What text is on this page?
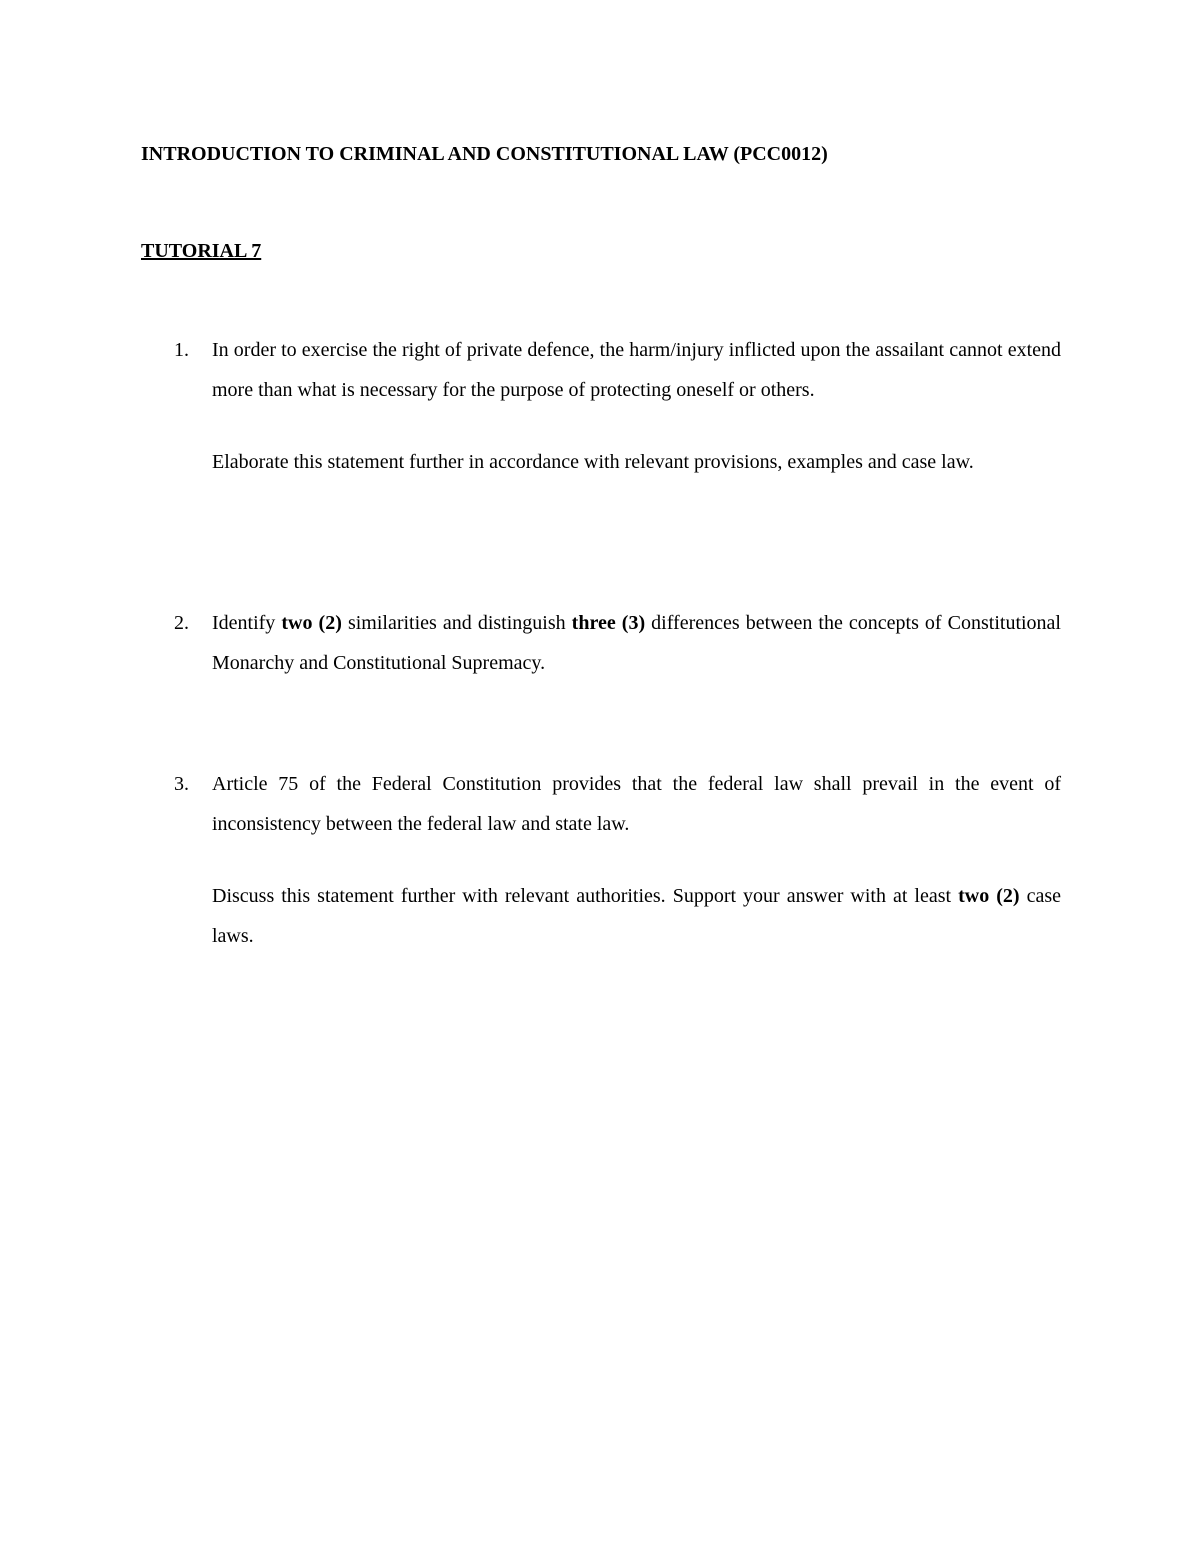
INTRODUCTION TO CRIMINAL AND CONSTITUTIONAL LAW (PCC0012)
TUTORIAL 7
1.	In order to exercise the right of private defence, the harm/injury inflicted upon the assailant cannot extend more than what is necessary for the purpose of protecting oneself or others.

Elaborate this statement further in accordance with relevant provisions, examples and case law.

2.	Identify two (2) similarities and distinguish three (3) differences between the concepts of Constitutional Monarchy and Constitutional Supremacy.

3.	Article 75 of the Federal Constitution provides that the federal law shall prevail in the event of inconsistency between the federal law and state law.

Discuss this statement further with relevant authorities. Support your answer with at least two (2) case laws.
